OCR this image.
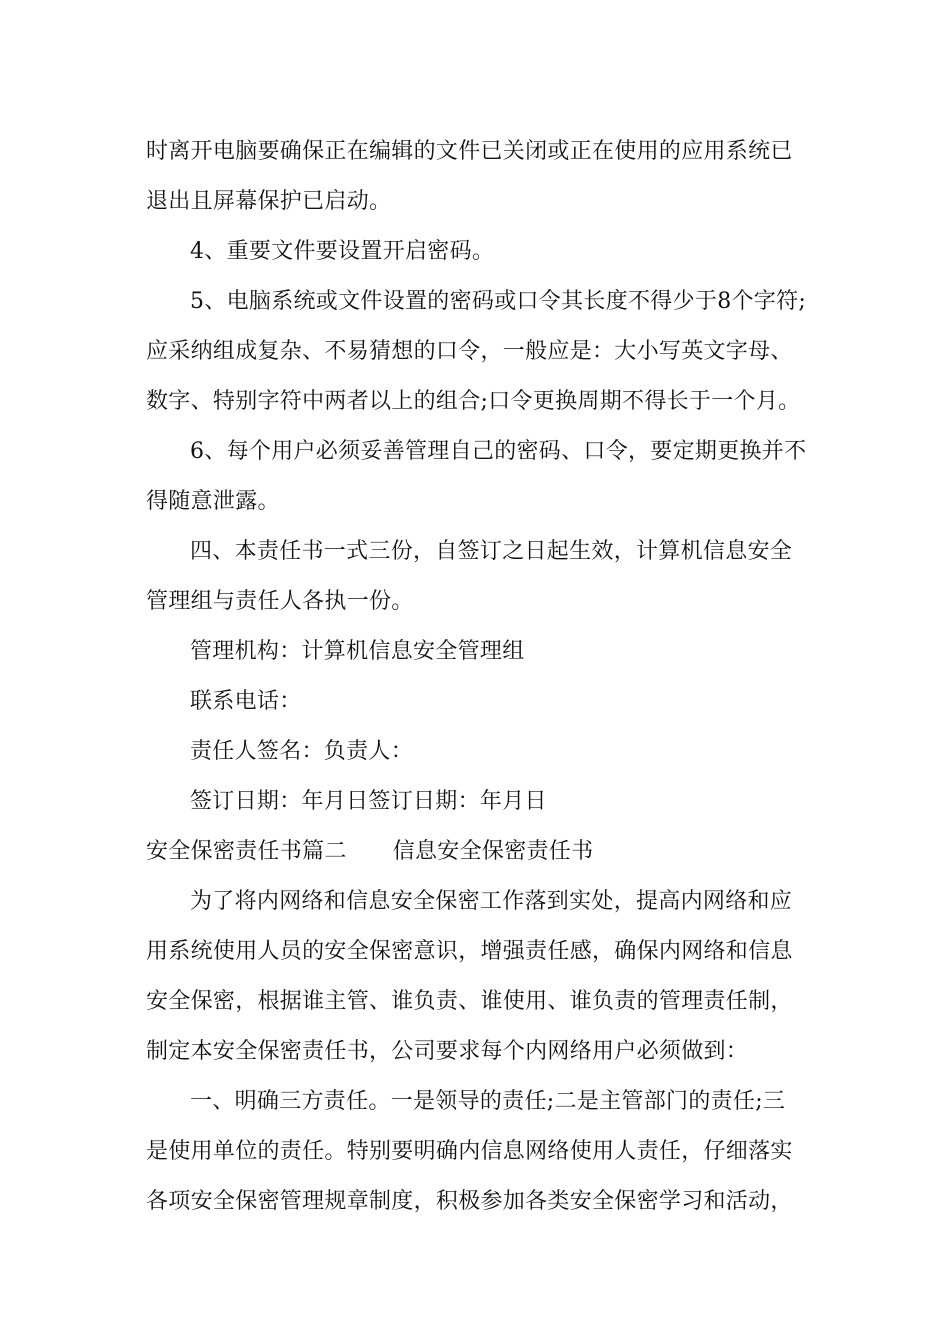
时离开电脑要确保正在编辑的文件已关闭或正在使用的应用系统已
退出且屏幕保护已启动。
4、重要文件要设置开启密码。
5、电脑系统或文件设置的密码或口令其长度不得少于8个字符;
应采纳组成复杂、不易猜想的口令，一般应是：大小写英文字母、
数字、特别字符中两者以上的组合;口令更换周期不得长于一个月。
6、每个用户必须妥善管理自己的密码、口令，要定期更换并不
得随意泄露。
四、本责任书一式三份，自签订之日起生效，计算机信息安全
管理组与责任人各执一份。
管理机构：计算机信息安全管理组
联系电话：
责任人签名：负责人：
签订日期：年月日签订日期：年月日
安全保密责任书篇二 信息安全保密责任书
为了将内网络和信息安全保密工作落到实处，提高内网络和应
用系统使用人员的安全保密意识，增强责任感，确保内网络和信息
安全保密，根据谁主管、谁负责、谁使用、谁负责的管理责任制，
制定本安全保密责任书，公司要求每个内网络用户必须做到：
一、明确三方责任。一是领导的责任;二是主管部门的责任;三
是使用单位的责任。特别要明确内信息网络使用人责任，仔细落实
各项安全保密管理规章制度，积极参加各类安全保密学习和活动，
